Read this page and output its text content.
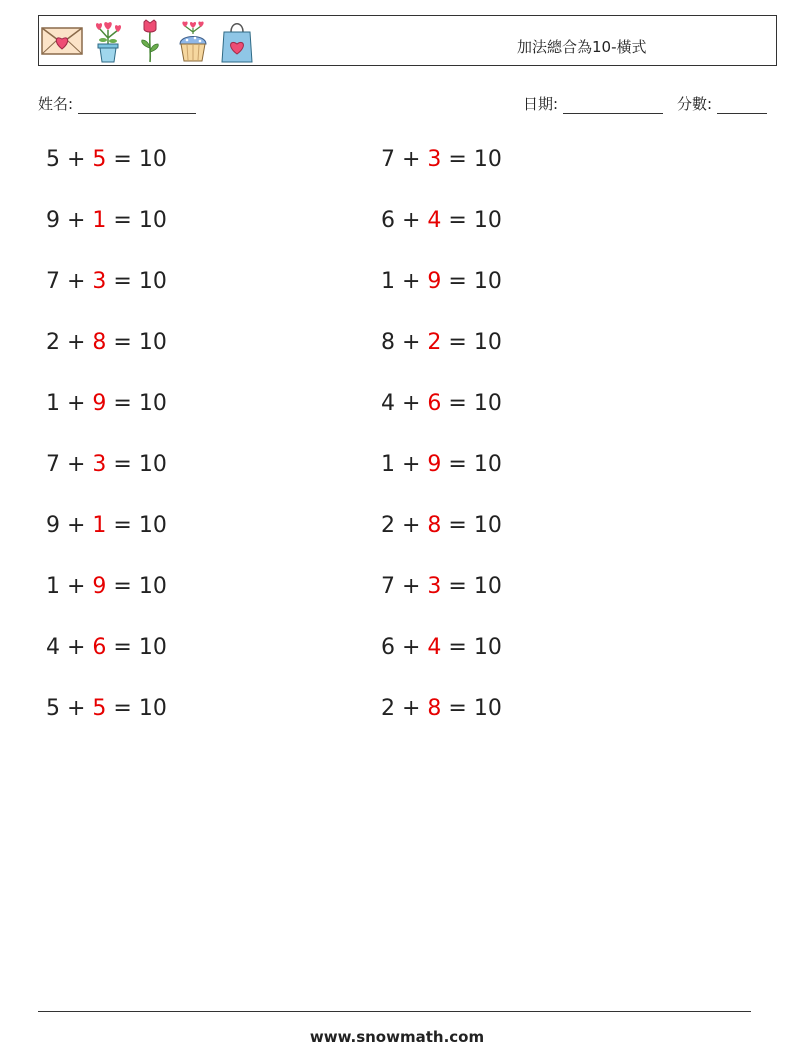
加法總合為10-橫式
姓名:	日期:	分數:
5 + 5 = 10
9 + 1 = 10
7 + 3 = 10
2 + 8 = 10
1 + 9 = 10
7 + 3 = 10
9 + 1 = 10
1 + 9 = 10
4 + 6 = 10
5 + 5 = 10
7 + 3 = 10
6 + 4 = 10
1 + 9 = 10
8 + 2 = 10
4 + 6 = 10
1 + 9 = 10
2 + 8 = 10
7 + 3 = 10
6 + 4 = 10
2 + 8 = 10
www.snowmath.com
